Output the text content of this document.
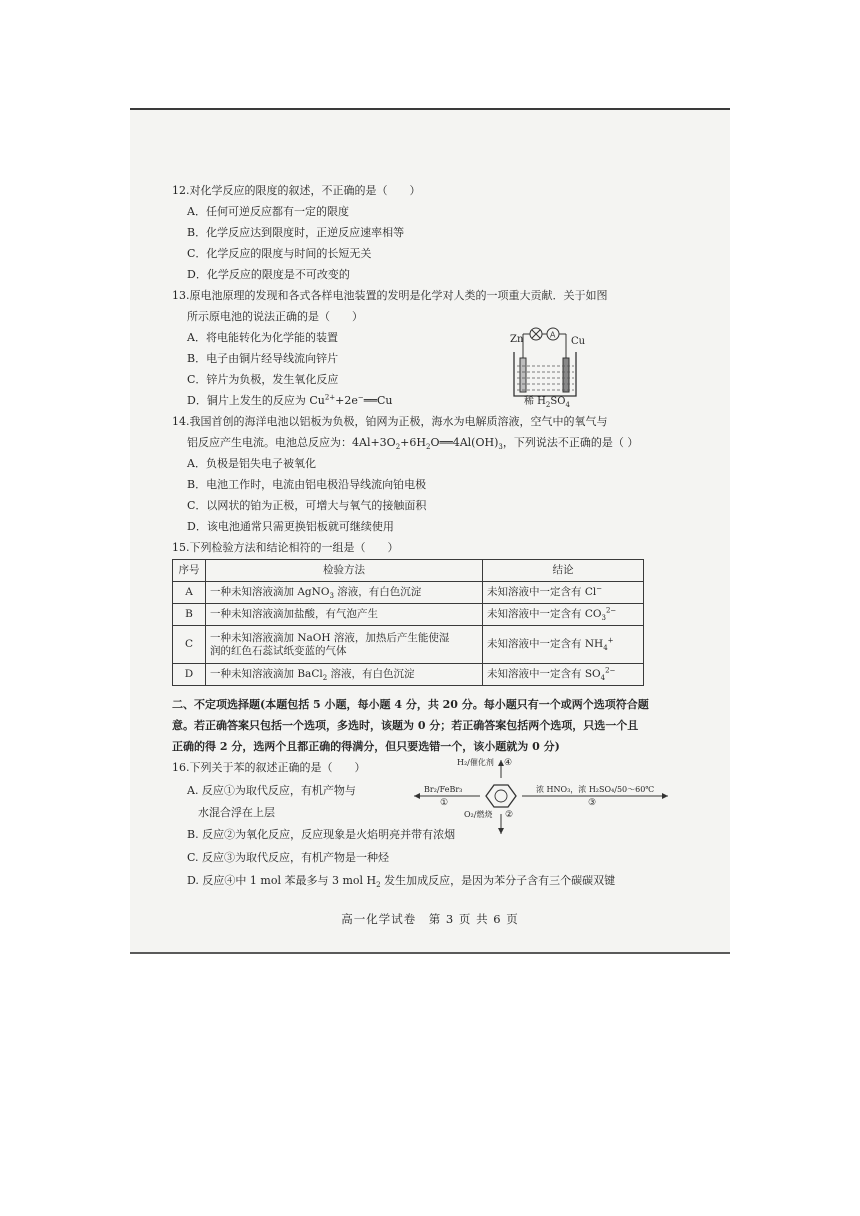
12.对化学反应的限度的叙述，不正确的是（　　）
A．任何可逆反应都有一定的限度
B．化学反应达到限度时，正逆反应速率相等
C．化学反应的限度与时间的长短无关
D．化学反应的限度是不可改变的
13.原电池原理的发现和各式各样电池装置的发明是化学对人类的一项重大贡献．关于如图
所示原电池的说法正确的是（　　）
A．将电能转化为化学能的装置
B．电子由铜片经导线流向锌片
C．锌片为负极，发生氧化反应
D．铜片上发生的反应为 $Cu^{2+}+2e^-══Cu$
A
Zn	Cu
稀 $H_2SO_4$
14.我国首创的海洋电池以铝板为负极，铂网为正极，海水为电解质溶液，空气中的氧气与
铝反应产生电流。电池总反应为：$4Al+3O_2+6H_2O══4Al(OH)_3$，下列说法不正确的是（ ）
A．负极是铝失电子被氧化
B．电池工作时，电流由铝电极沿导线流向铂电极
C．以网状的铂为正极，可增大与氧气的接触面积
D．该电池通常只需更换铝板就可继续使用
15.下列检验方法和结论相符的一组是（　　）
序号	检验方法	结论
A	一种未知溶液滴加 AgNO$_3$ 溶液，有白色沉淀	未知溶液中一定含有 Cl−
B	一种未知溶液滴加盐酸，有气泡产生	未知溶液中一定含有 $CO_3^{2-}$
C	一种未知溶液滴加 NaOH 溶液，加热后产生能使湿
润的红色石蕊试纸变蓝的气体	未知溶液中一定含有 $NH_4^+$
D	一种未知溶液滴加 BaCl$_2$ 溶液，有白色沉淀	未知溶液中一定含有 $SO_4^{2-}$
二、不定项选择题(本题包括 5 小题，每小题 4 分，共 20 分。每小题只有一个或两个选项符合题
意。若正确答案只包括一个选项，多选时，该题为 0 分；若正确答案包括两个选项，只选一个且
正确的得 2 分，选两个且都正确的得满分，但只要选错一个，该小题就为 0 分)
16.下列关于苯的叙述正确的是（　　）
A. 反应①为取代反应，有机产物与
水混合浮在上层
B. 反应②为氧化反应，反应现象是火焰明亮并带有浓烟
C. 反应③为取代反应，有机产物是一种烃
D. 反应④中 1 mol 苯最多与 3 mol $H_2$ 发生加成反应，是因为苯分子含有三个碳碳双键
H₂/催化剂 ④
Br₂/FeBr₃
①
O₂/燃烧 ②
浓 HNO₃，浓 H₂SO₄/50～60℃
③
高一化学试卷　第 3 页 共 6 页
